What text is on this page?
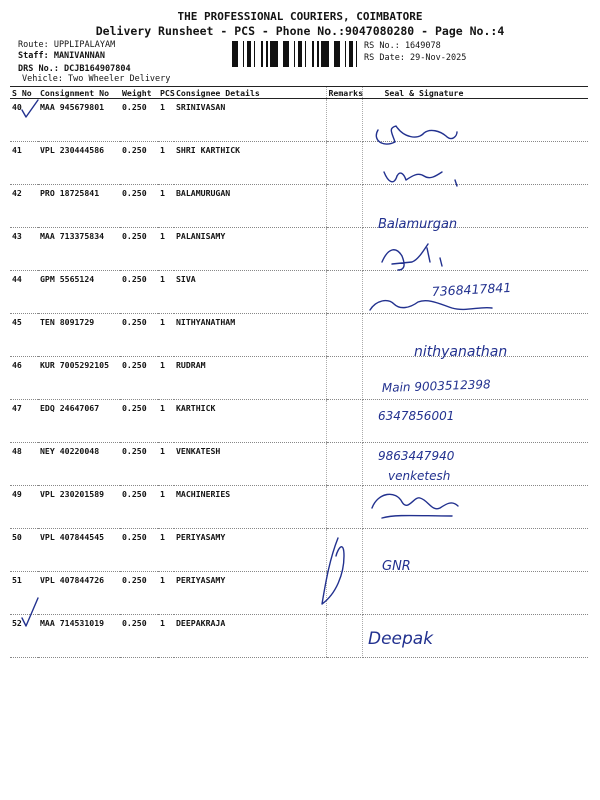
THE PROFESSIONAL COURIERS, COIMBATORE
Delivery Runsheet - PCS - Phone No.:9047080280 - Page No.:4
Route: UPPLIPALAYAM
Staff: MANIVANNAN
DRS No.: DCJB164907804
Vehicle: Two Wheeler Delivery
RS No.: 1649078
RS Date: 29-Nov-2025
S No	Consignment No	Weight	PCS	Consignee Details	Remarks	Seal & Signature
40	MAA 945679801	0.250	1	SRINIVASAN		
41	VPL 230444586	0.250	1	SHRI KARTHICK		
42	PRO 18725841	0.250	1	BALAMURUGAN		
43	MAA 713375834	0.250	1	PALANISAMY		
44	GPM 5565124	0.250	1	SIVA		
45	TEN 8091729	0.250	1	NITHYANATHAM		
46	KUR 7005292105	0.250	1	RUDRAM		
47	EDQ 24647067	0.250	1	KARTHICK		
48	NEY 40220048	0.250	1	VENKATESH		
49	VPL 230201589	0.250	1	MACHINERIES		
50	VPL 407844545	0.250	1	PERIYASAMY		
51	VPL 407844726	0.250	1	PERIYASAMY		
52	MAA 714531019	0.250	1	DEEPAKRAJA		
Balamurgan
7368417841
nithyanathan
Main 9003512398
6347856001
9863447940
venketesh
GNR
Deepak
